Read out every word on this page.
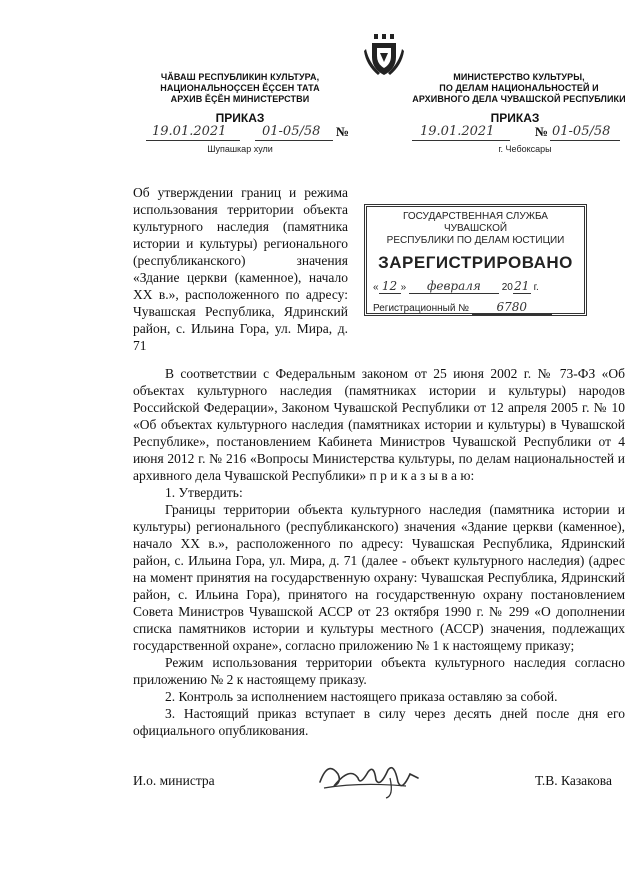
ЧĂВАШ РЕСПУБЛИКИН КУЛЬТУРА,
НАЦИОНАЛЬНОÇСЕН ĔÇСЕН ТАТА
АРХИВ ĔÇĔН МИНИСТЕРСТВИ
МИНИСТЕРСТВО КУЛЬТУРЫ,
ПО ДЕЛАМ НАЦИОНАЛЬНОСТЕЙ И
АРХИВНОГО ДЕЛА ЧУВАШСКОЙ РЕСПУБЛИКИ
ПРИКАЗ
19.01.2021	01-05/58 №
Шупашкар хули
ПРИКАЗ
19.01.2021	№ 01-05/58
г. Чебоксары
Об утверждении границ и режима использования территории объекта культурного наследия (памятника истории и культуры) регионального (республиканского) значения «Здание церкви (каменное), начало XX в.», расположенного по адресу: Чувашская Республика, Ядринский район, с. Ильина Гора, ул. Мира, д. 71
ГОСУДАРСТВЕННАЯ СЛУЖБА ЧУВАШСКОЙ
РЕСПУБЛИКИ ПО ДЕЛАМ ЮСТИЦИИ
ЗАРЕГИСТРИРОВАНО
« 12 » февраля 2021 г.
Регистрационный № 6780

В соответствии с Федеральным законом от 25 июня 2002 г. № 73-ФЗ «Об объектах культурного наследия (памятниках истории и культуры) народов Российской Федерации», Законом Чувашской Республики от 12 апреля 2005 г. № 10 «Об объектах культурного наследия (памятниках истории и культуры) в Чувашской Республике», постановлением Кабинета Министров Чувашской Республики от 4 июня 2012 г. № 216 «Вопросы Министерства культуры, по делам национальностей и архивного дела Чувашской Республики» п р и к а з ы в а ю:

1. Утвердить:

Границы территории объекта культурного наследия (памятника истории и культуры) регионального (республиканского) значения «Здание церкви (каменное), начало XX в.», расположенного по адресу: Чувашская Республика, Ядринский район, с. Ильина Гора, ул. Мира, д. 71 (далее - объект культурного наследия) (адрес на момент принятия на государственную охрану: Чувашская Республика, Ядринский район, с. Ильина Гора), принятого на государственную охрану постановлением Совета Министров Чувашской АССР от 23 октября 1990 г. № 299 «О дополнении списка памятников истории и культуры местного (АССР) значения, подлежащих государственной охране», согласно приложению № 1 к настоящему приказу;

Режим использования территории объекта культурного наследия согласно приложению № 2 к настоящему приказу.

2. Контроль за исполнением настоящего приказа оставляю за собой.

3. Настоящий приказ вступает в силу через десять дней после дня его официального опубликования.

И.о. министра	Т.В. Казакова
